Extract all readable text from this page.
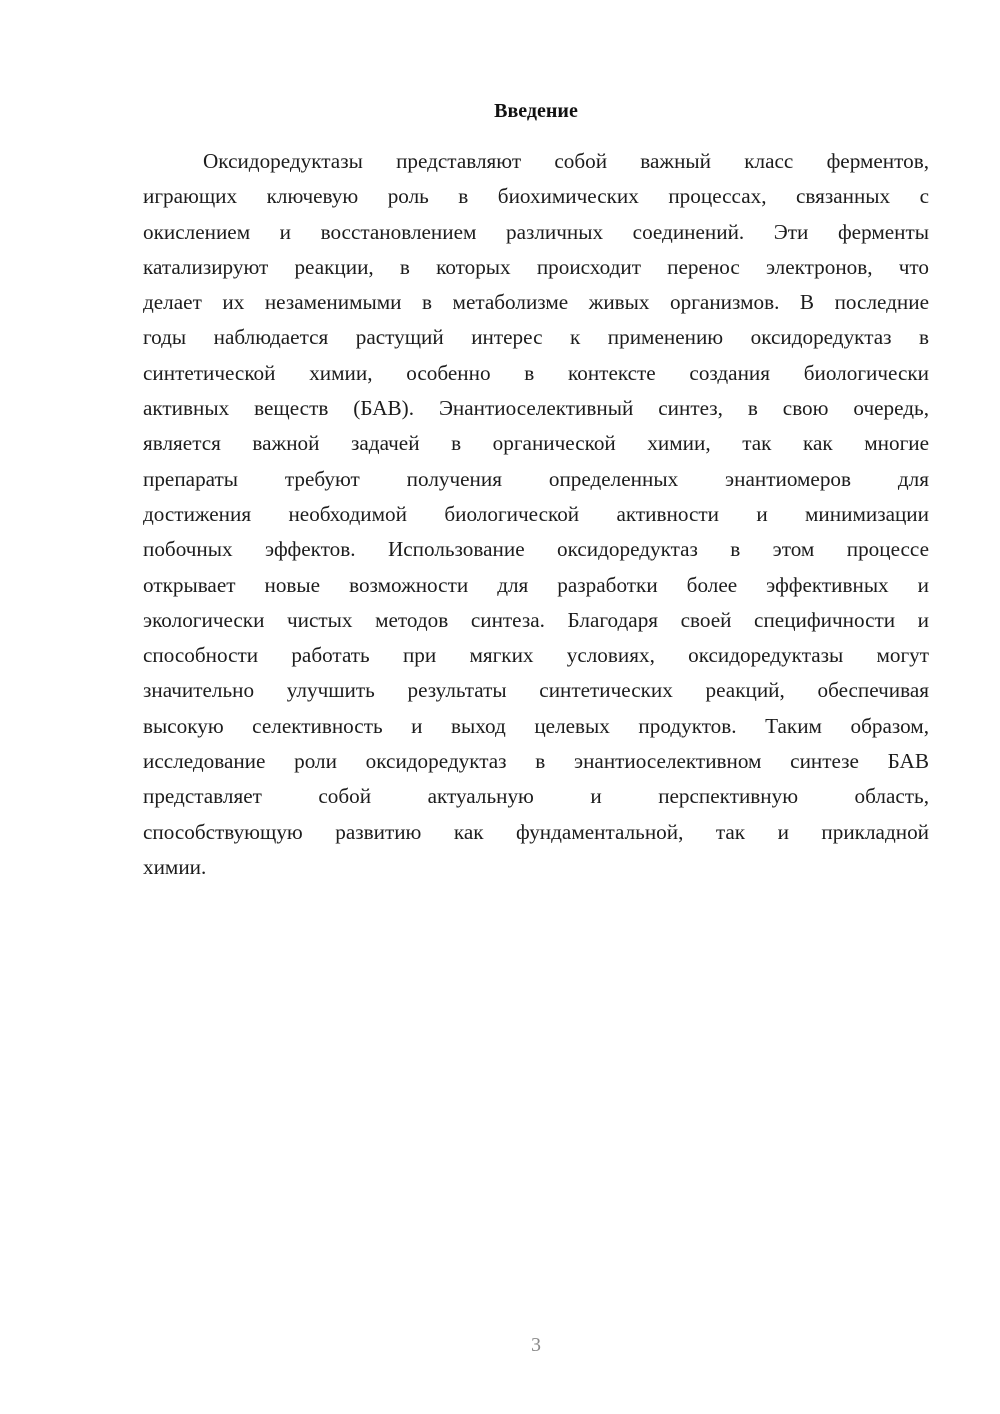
Введение
Оксидоредуктазы представляют собой важный класс ферментов,
играющих ключевую роль в биохимических процессах, связанных с
окислением и восстановлением различных соединений. Эти ферменты
катализируют реакции, в которых происходит перенос электронов, что
делает их незаменимыми в метаболизме живых организмов. В последние
годы наблюдается растущий интерес к применению оксидоредуктаз в
синтетической химии, особенно в контексте создания биологически
активных веществ (БАВ). Энантиоселективный синтез, в свою очередь,
является важной задачей в органической химии, так как многие
препараты требуют получения определенных энантиомеров для
достижения необходимой биологической активности и минимизации
побочных эффектов. Использование оксидоредуктаз в этом процессе
открывает новые возможности для разработки более эффективных и
экологически чистых методов синтеза. Благодаря своей специфичности и
способности работать при мягких условиях, оксидоредуктазы могут
значительно улучшить результаты синтетических реакций, обеспечивая
высокую селективность и выход целевых продуктов. Таким образом,
исследование роли оксидоредуктаз в энантиоселективном синтезе БАВ
представляет собой актуальную и перспективную область,
способствующую развитию как фундаментальной, так и прикладной
химии.
3
